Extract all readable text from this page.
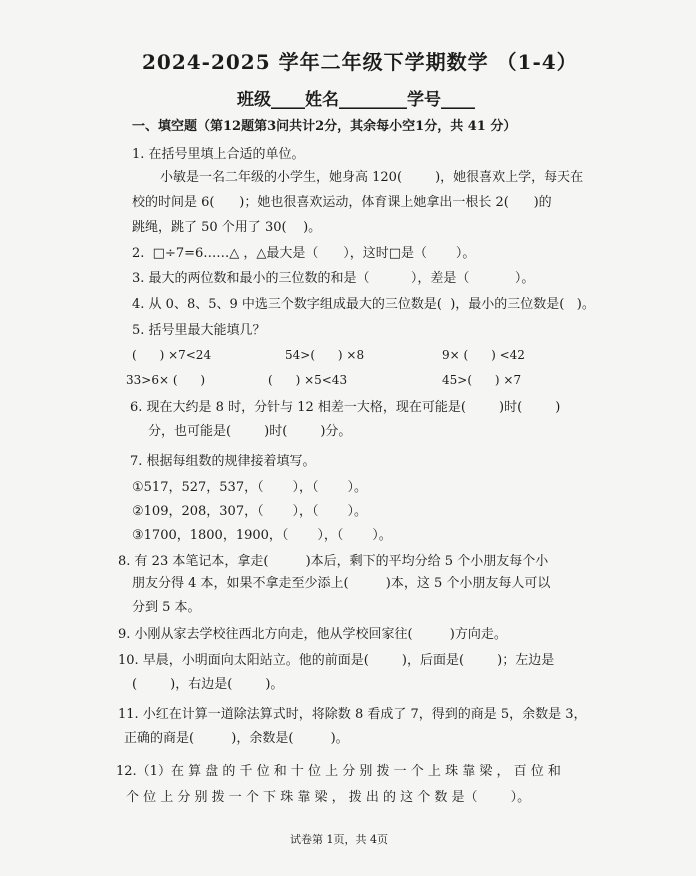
2024-2025 学年二年级下学期数学 （1-4）
班级____姓名________学号____
一、填空题（第12题第3问共计2分，其余每小空1分，共 41 分）
1. 在括号里填上合适的单位。
小敏是一名二年级的小学生，她身高 120(        )，她很喜欢上学，每天在
校的时间是 6(      )；她也很喜欢运动，体育课上她拿出一根长 2(      )的
跳绳，跳了 50 个用了 30(    )。
2.  □÷7=6……△ ，△最大是（      ），这时□是（       ）。
3. 最大的两位数和最小的三位数的和是（          ），差是（           ）。
4. 从 0、8、5、9 中选三个数字组成最大的三位数是(  )，最小的三位数是(   )。
5. 括号里最大能填几？
(      ) ×7<24	54>(      ) ×8	9× (      ) <42
33>6× (      )	(      ) ×5<43	45>(      ) ×7
6. 现在大约是 8 时，分针与 12 相差一大格，现在可能是(        )时(        )
分，也可能是(        )时(        )分。
7. 根据每组数的规律接着填写。
①517，527，537，（       ），（       ）。
②109，208，307，（       ），（       ）。
③1700，1800，1900，（       ），（       ）。
8. 有 23 本笔记本，拿走(         )本后，剩下的平均分给 5 个小朋友每个小
朋友分得 4 本，如果不拿走至少添上(         )本，这 5 个小朋友每人可以
分到 5 本。
9. 小刚从家去学校往西北方向走，他从学校回家往(         )方向走。
10. 早晨，小明面向太阳站立。他的前面是(        )，后面是(        )；左边是
(        )，右边是(        )。
11. 小红在计算一道除法算式时，将除数 8 看成了 7，得到的商是 5，余数是 3，
正确的商是(         )，余数是(         )。
12.（1）在 算 盘 的 千 位 和 十 位 上 分 别 拨 一 个 上 珠 靠 梁 ， 百 位 和
个 位 上 分 别 拨 一 个 下 珠 靠 梁 ， 拨 出 的 这 个 数 是（        ）。
试卷第 1页，共 4页
